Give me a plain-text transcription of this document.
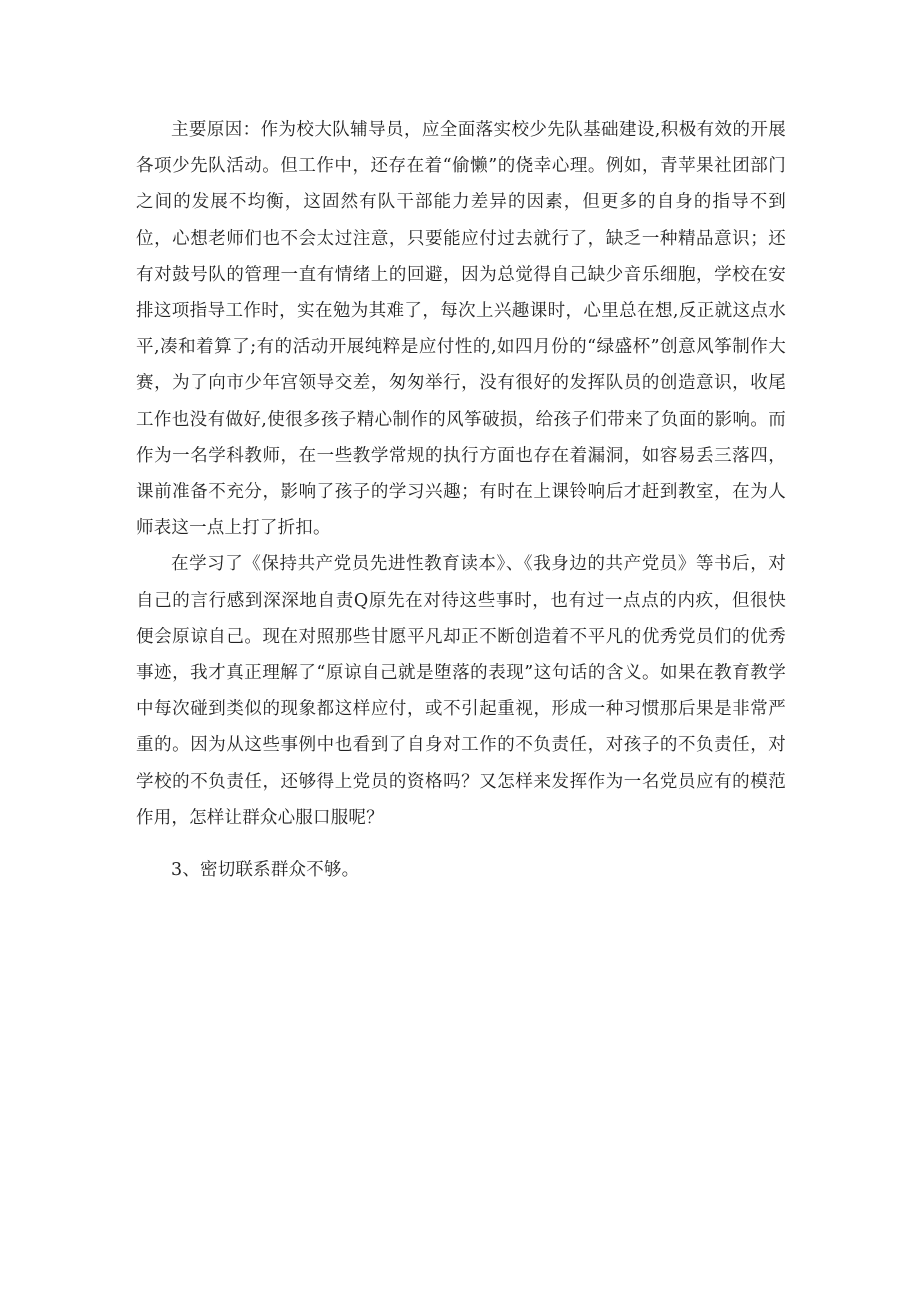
主要原因：作为校大队辅导员，应全面落实校少先队基础建设,积极有效的开展各项少先队活动。但工作中，还存在着“偷懒”的侥幸心理。例如，青苹果社团部门之间的发展不均衡，这固然有队干部能力差异的因素，但更多的自身的指导不到位，心想老师们也不会太过注意，只要能应付过去就行了，缺乏一种精品意识；还有对鼓号队的管理一直有情绪上的回避，因为总觉得自己缺少音乐细胞，学校在安排这项指导工作时，实在勉为其难了，每次上兴趣课时，心里总在想,反正就这点水平,凑和着算了;有的活动开展纯粹是应付性的,如四月份的“绿盛杯”创意风筝制作大赛，为了向市少年宫领导交差，匆匆举行，没有很好的发挥队员的创造意识，收尾工作也没有做好,使很多孩子精心制作的风筝破损，给孩子们带来了负面的影响。而作为一名学科教师，在一些教学常规的执行方面也存在着漏洞，如容易丢三落四，课前准备不充分，影响了孩子的学习兴趣；有时在上课铃响后才赶到教室，在为人师表这一点上打了折扣。

在学习了《保持共产党员先进性教育读本》、《我身边的共产党员》等书后，对自己的言行感到深深地自责Q原先在对待这些事时，也有过一点点的内疚，但很快便会原谅自己。现在对照那些甘愿平凡却正不断创造着不平凡的优秀党员们的优秀事迹，我才真正理解了“原谅自己就是堕落的表现”这句话的含义。如果在教育教学中每次碰到类似的现象都这样应付，或不引起重视，形成一种习惯那后果是非常严重的。因为从这些事例中也看到了自身对工作的不负责任，对孩子的不负责任，对学校的不负责任，还够得上党员的资格吗？又怎样来发挥作为一名党员应有的模范作用，怎样让群众心服口服呢？

3、密切联系群众不够。
